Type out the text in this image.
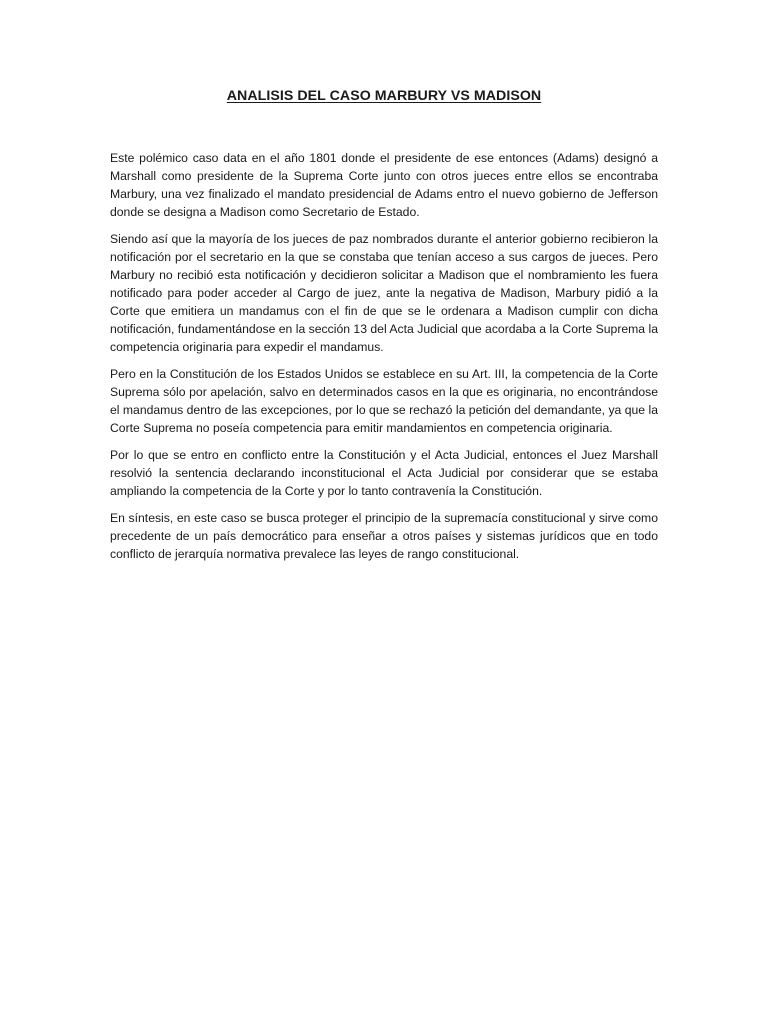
ANALISIS DEL CASO MARBURY VS MADISON

Este polémico caso data en el año 1801 donde el presidente de ese entonces (Adams) designó a Marshall como presidente de la Suprema Corte junto con otros jueces entre ellos se encontraba Marbury, una vez finalizado el mandato presidencial de Adams entro el nuevo gobierno de Jefferson donde se designa a Madison como Secretario de Estado.

Siendo así que la mayoría de los jueces de paz nombrados durante el anterior gobierno recibieron la notificación por el secretario en la que se constaba que tenían acceso a sus cargos de jueces. Pero Marbury no recibió esta notificación y decidieron solicitar a Madison que el nombramiento les fuera notificado para poder acceder al Cargo de juez, ante la negativa de Madison, Marbury pidió a la Corte que emitiera un mandamus con el fin de que se le ordenara a Madison cumplir con dicha notificación, fundamentándose en la sección 13 del Acta Judicial que acordaba a la Corte Suprema la competencia originaria para expedir el mandamus.

Pero en la Constitución de los Estados Unidos se establece en su Art. III, la competencia de la Corte Suprema sólo por apelación, salvo en determinados casos en la que es originaria, no encontrándose el mandamus dentro de las excepciones, por lo que se rechazó la petición del demandante, ya que la Corte Suprema no poseía competencia para emitir mandamientos en competencia originaria.

Por lo que se entro en conflicto entre la Constitución y el Acta Judicial, entonces el Juez Marshall resolvió la sentencia declarando inconstitucional el Acta Judicial por considerar que se estaba ampliando la competencia de la Corte y por lo tanto contravenía la Constitución.

En síntesis, en este caso se busca proteger el principio de la supremacía constitucional y sirve como precedente de un país democrático para enseñar a otros países y sistemas jurídicos que en todo conflicto de jerarquía normativa prevalece las leyes de rango constitucional.
